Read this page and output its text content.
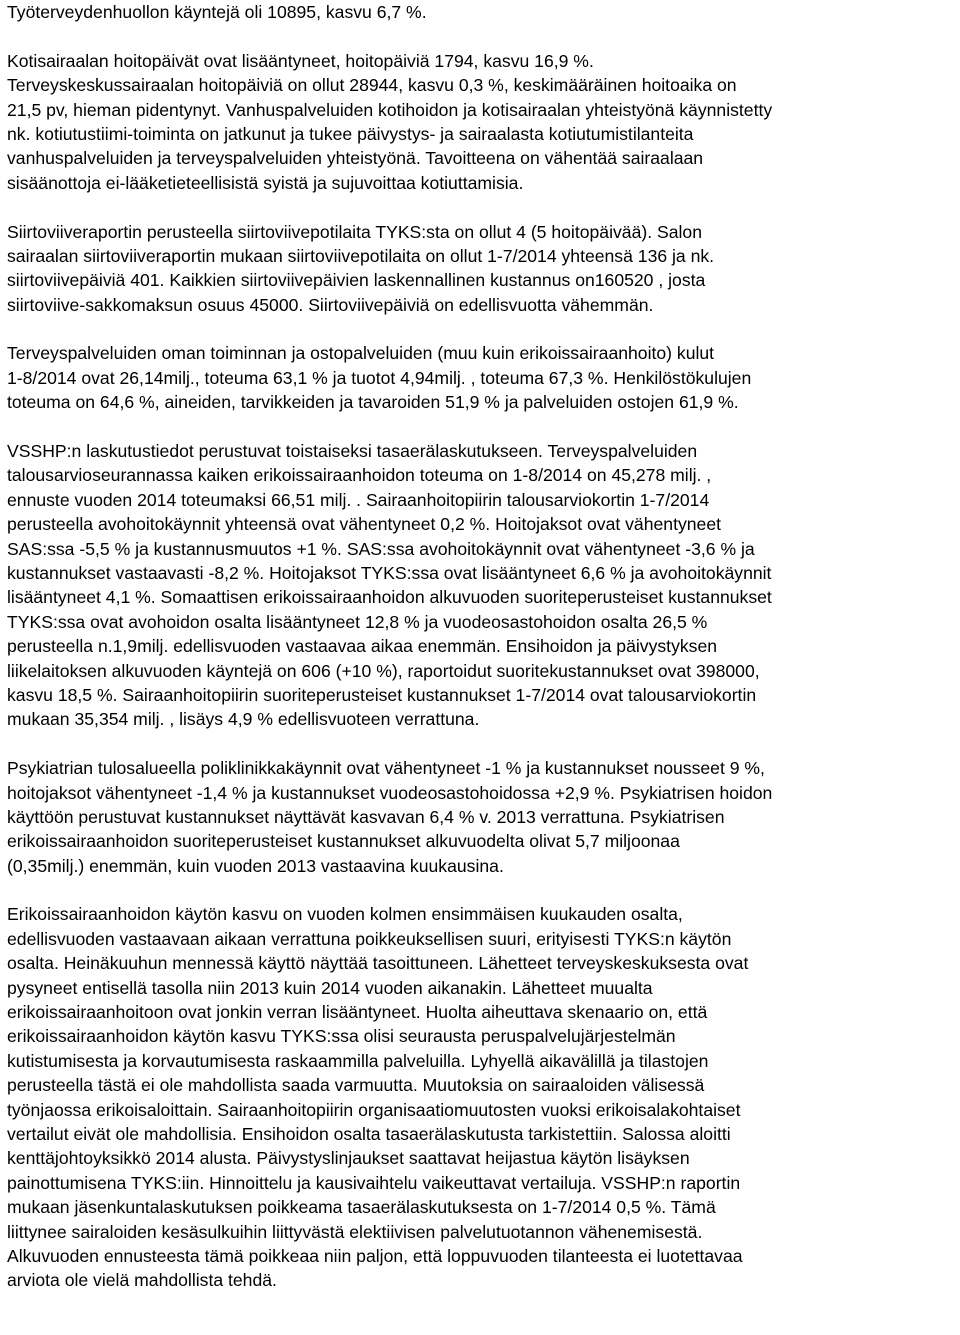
Työterveydenhuollon käyntejä oli 10895, kasvu 6,7 %.
Kotisairaalan hoitopäivät ovat lisääntyneet, hoitopäiviä 1794, kasvu 16,9 %.
Terveyskeskussairaalan hoitopäiviä on ollut 28944, kasvu 0,3 %, keskimääräinen hoitoaika on
21,5 pv, hieman pidentynyt. Vanhuspalveluiden kotihoidon ja kotisairaalan yhteistyönä käynnistetty
nk. kotiutustiimi-toiminta on jatkunut ja tukee päivystys- ja sairaalasta kotiutumistilanteita
vanhuspalveluiden ja terveyspalveluiden yhteistyönä. Tavoitteena on vähentää sairaalaan
sisäänottoja ei-lääketieteellisistä syistä ja sujuvoittaa kotiuttamisia.
Siirtoviiveraportin perusteella siirtoviivepotilaita TYKS:sta on ollut 4 (5 hoitopäivää). Salon
sairaalan siirtoviiveraportin mukaan siirtoviivepotilaita on ollut 1-7/2014 yhteensä 136 ja nk.
siirtoviivepäiviä 401. Kaikkien siirtoviivepäivien laskennallinen kustannus on160520 , josta
siirtoviive-sakkomaksun osuus 45000. Siirtoviivepäiviä on edellisvuotta vähemmän.
Terveyspalveluiden oman toiminnan ja ostopalveluiden (muu kuin erikoissairaanhoito) kulut
1-8/2014 ovat 26,14milj., toteuma 63,1 % ja tuotot 4,94milj. , toteuma 67,3 %. Henkilöstökulujen
toteuma on 64,6 %, aineiden, tarvikkeiden ja tavaroiden 51,9 % ja palveluiden ostojen 61,9 %.
VSSHP:n laskutustiedot perustuvat toistaiseksi tasaerälaskutukseen. Terveyspalveluiden
talousarvioseurannassa kaiken erikoissairaanhoidon toteuma on 1-8/2014 on 45,278 milj. ,
ennuste vuoden 2014 toteumaksi 66,51 milj. . Sairaanhoitopiirin talousarviokortin 1-7/2014
perusteella avohoitokäynnit yhteensä ovat vähentyneet 0,2 %. Hoitojaksot ovat vähentyneet
SAS:ssa -5,5 % ja kustannusmuutos +1 %. SAS:ssa avohoitokäynnit ovat vähentyneet -3,6 % ja
kustannukset vastaavasti -8,2 %. Hoitojaksot TYKS:ssa ovat lisääntyneet 6,6 % ja avohoitokäynnit
lisääntyneet 4,1 %. Somaattisen erikoissairaanhoidon alkuvuoden suoriteperusteiset kustannukset
TYKS:ssa ovat avohoidon osalta lisääntyneet 12,8 % ja vuodeosastohoidon osalta 26,5 %
perusteella n.1,9milj. edellisvuoden vastaavaa aikaa enemmän. Ensihoidon ja päivystyksen
liikelaitoksen alkuvuoden käyntejä on 606 (+10 %), raportoidut suoritekustannukset ovat 398000,
kasvu 18,5 %. Sairaanhoitopiirin suoriteperusteiset kustannukset 1-7/2014 ovat talousarviokortin
mukaan 35,354 milj. , lisäys 4,9 % edellisvuoteen verrattuna.
Psykiatrian tulosalueella poliklinikkakäynnit ovat vähentyneet -1 % ja kustannukset nousseet 9 %,
hoitojaksot vähentyneet -1,4 % ja kustannukset vuodeosastohoidossa +2,9 %. Psykiatrisen hoidon
käyttöön perustuvat kustannukset näyttävät kasvavan 6,4 % v. 2013 verrattuna. Psykiatrisen
erikoissairaanhoidon suoriteperusteiset kustannukset alkuvuodelta olivat 5,7 miljoonaa
(0,35milj.) enemmän, kuin vuoden 2013 vastaavina kuukausina.
Erikoissairaanhoidon käytön kasvu on vuoden kolmen ensimmäisen kuukauden osalta,
edellisvuoden vastaavaan aikaan verrattuna poikkeuksellisen suuri, erityisesti TYKS:n käytön
osalta. Heinäkuuhun mennessä käyttö näyttää tasoittuneen. Lähetteet terveyskeskuksesta ovat
pysyneet entisellä tasolla niin 2013 kuin 2014 vuoden aikanakin. Lähetteet muualta
erikoissairaanhoitoon ovat jonkin verran lisääntyneet. Huolta aiheuttava skenaario on, että
erikoissairaanhoidon käytön kasvu TYKS:ssa olisi seurausta peruspalvelujärjestelmän
kutistumisesta ja korvautumisesta raskaammilla palveluilla. Lyhyellä aikavälillä ja tilastojen
perusteella tästä ei ole mahdollista saada varmuutta. Muutoksia on sairaaloiden välisessä
työnjaossa erikoisaloittain. Sairaanhoitopiirin organisaatiomuutosten vuoksi erikoisalakohtaiset
vertailut eivät ole mahdollisia. Ensihoidon osalta tasaerälaskutusta tarkistettiin. Salossa aloitti
kenttäjohtoyksikkö 2014 alusta. Päivystyslinjaukset saattavat heijastua käytön lisäyksen
painottumisena TYKS:iin. Hinnoittelu ja kausivaihtelu vaikeuttavat vertailuja. VSSHP:n raportin
mukaan jäsenkuntalaskutuksen poikkeama tasaerälaskutuksesta on 1-7/2014 0,5 %. Tämä
liittynee sairaloiden kesäsulkuihin liittyvästä elektiivisen palvelutuotannon vähenemisestä.
Alkuvuoden ennusteesta tämä poikkeaa niin paljon, että loppuvuoden tilanteesta ei luotettavaa
arviota ole vielä mahdollista tehdä.
